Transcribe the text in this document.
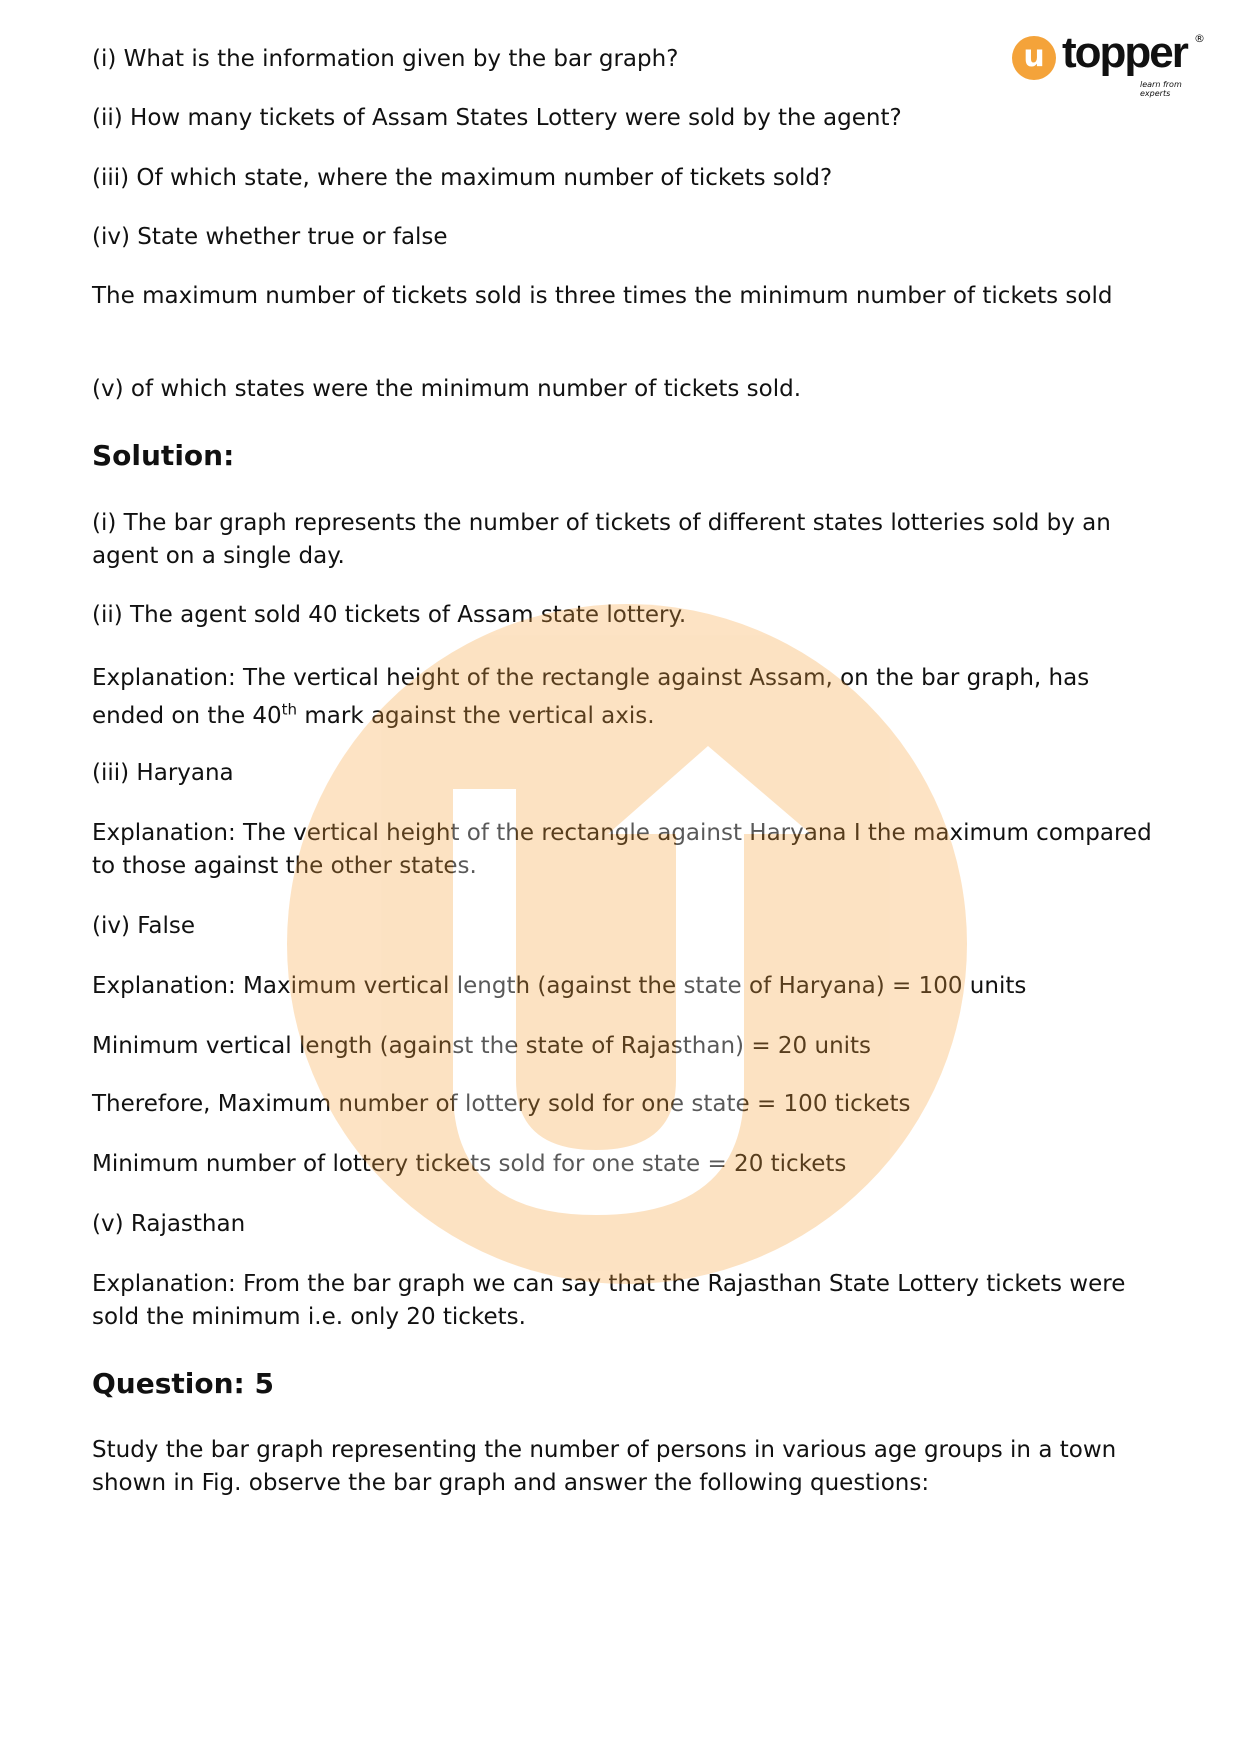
u topper ®
learn from experts

(i) What is the information given by the bar graph?

(ii) How many tickets of Assam States Lottery were sold by the agent?

(iii) Of which state, where the maximum number of tickets sold?

(iv) State whether true or false

The maximum number of tickets sold is three times the minimum number of tickets sold

(v) of which states were the minimum number of tickets sold.

Solution:

(i) The bar graph represents the number of tickets of different states lotteries sold by an agent on a single day.

(ii) The agent sold 40 tickets of Assam state lottery.

Explanation: The vertical height of the rectangle against Assam, on the bar graph, has ended on the 40th mark against the vertical axis.

(iii) Haryana

Explanation: The vertical height of the rectangle against Haryana I the maximum compared to those against the other states.

(iv) False

Explanation: Maximum vertical length (against the state of Haryana) = 100 units

Minimum vertical length (against the state of Rajasthan) = 20 units

Therefore, Maximum number of lottery sold for one state = 100 tickets

Minimum number of lottery tickets sold for one state = 20 tickets

(v) Rajasthan

Explanation: From the bar graph we can say that the Rajasthan State Lottery tickets were sold the minimum i.e. only 20 tickets.

Question: 5

Study the bar graph representing the number of persons in various age groups in a town shown in Fig. observe the bar graph and answer the following questions:
